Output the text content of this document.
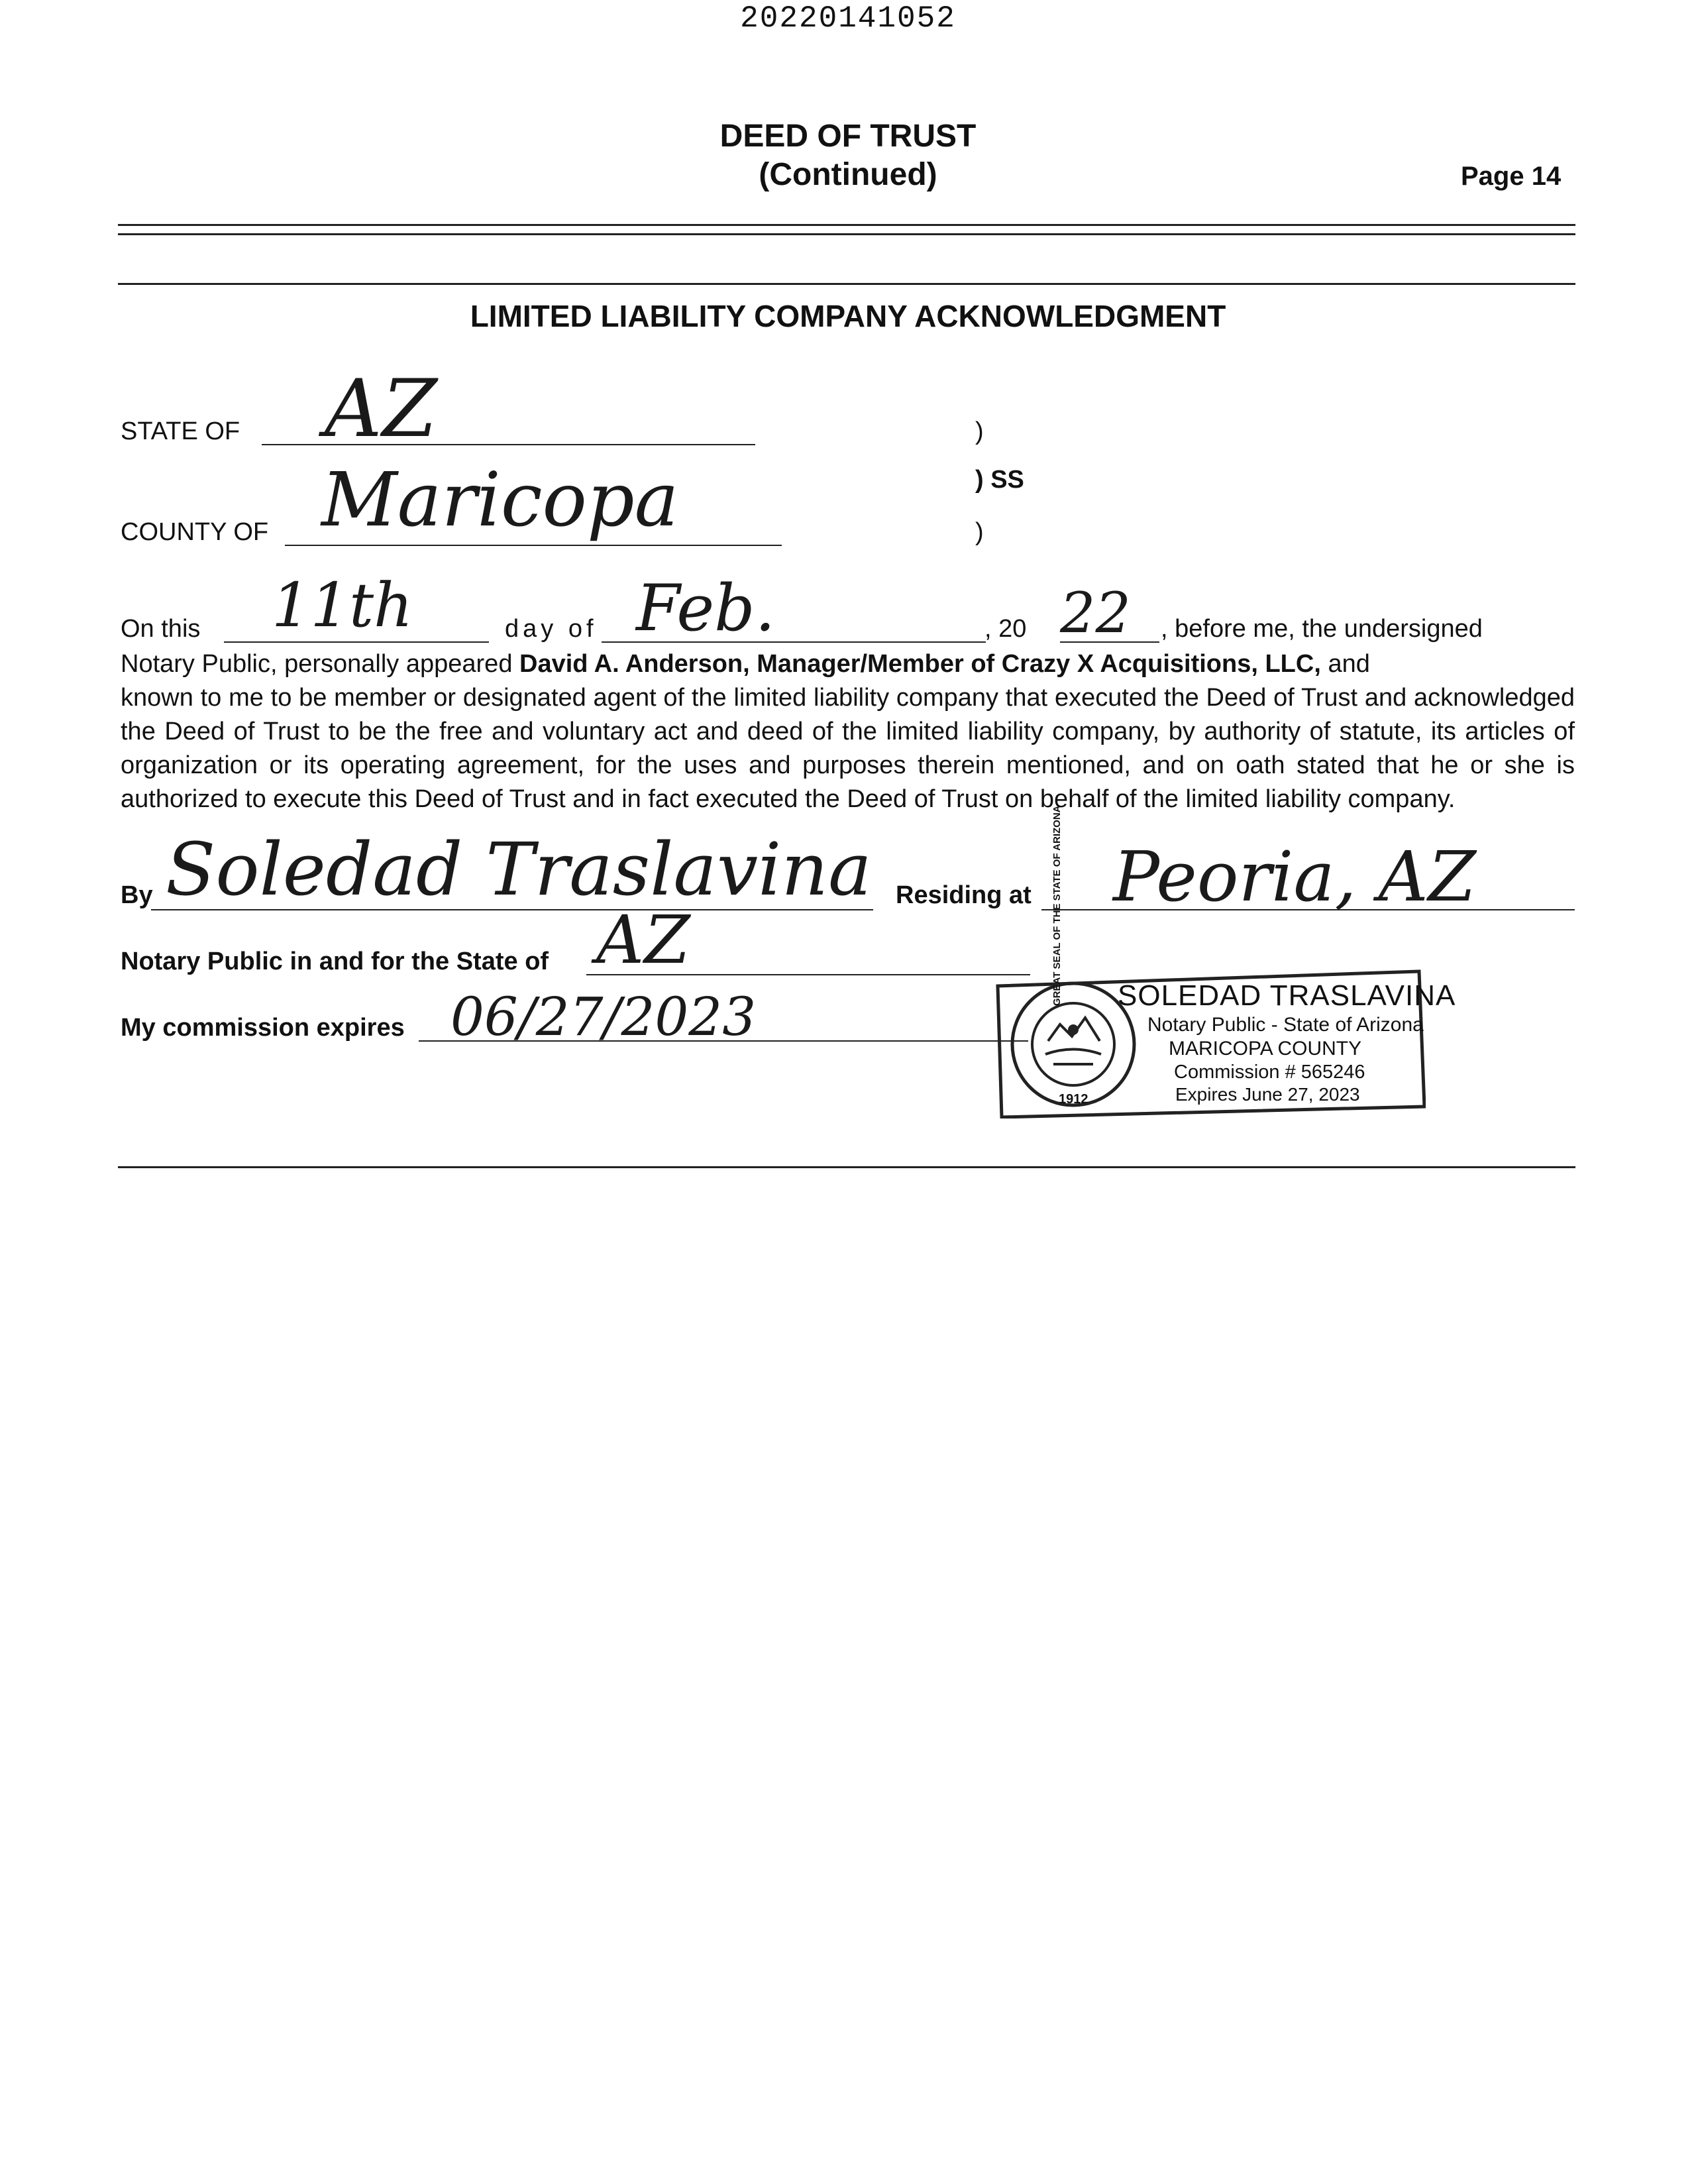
20220141052
DEED OF TRUST
(Continued)	Page 14
LIMITED LIABILITY COMPANY ACKNOWLEDGMENT
STATE OF AZ	)
) SS
)
COUNTY OF Maricopa
On this	11th	day of Feb.	, 20 22 , before me, the undersigned
Notary Public, personally appeared David A. Anderson, Manager/Member of Crazy X Acquisitions, LLC, and
known to me to be member or designated agent of the limited liability company that executed the Deed of Trust and acknowledged the Deed of Trust to be the free and voluntary act and deed of the limited liability company, by authority of statute, its articles of organization or its operating agreement, for the uses and purposes therein mentioned, and on oath stated that he or she is authorized to execute this Deed of Trust and in fact executed the Deed of Trust on behalf of the limited liability company.
By Soledad Traslavina Residing at Peoria, AZ
Notary Public in and for the State of AZ
My commission expires 06/27/2023
GREAT SEAL OF THE STATE OF ARIZONA
1912
SOLEDAD TRASLAVINA
Notary Public - State of Arizona
MARICOPA COUNTY
Commission # 565246
Expires June 27, 2023
